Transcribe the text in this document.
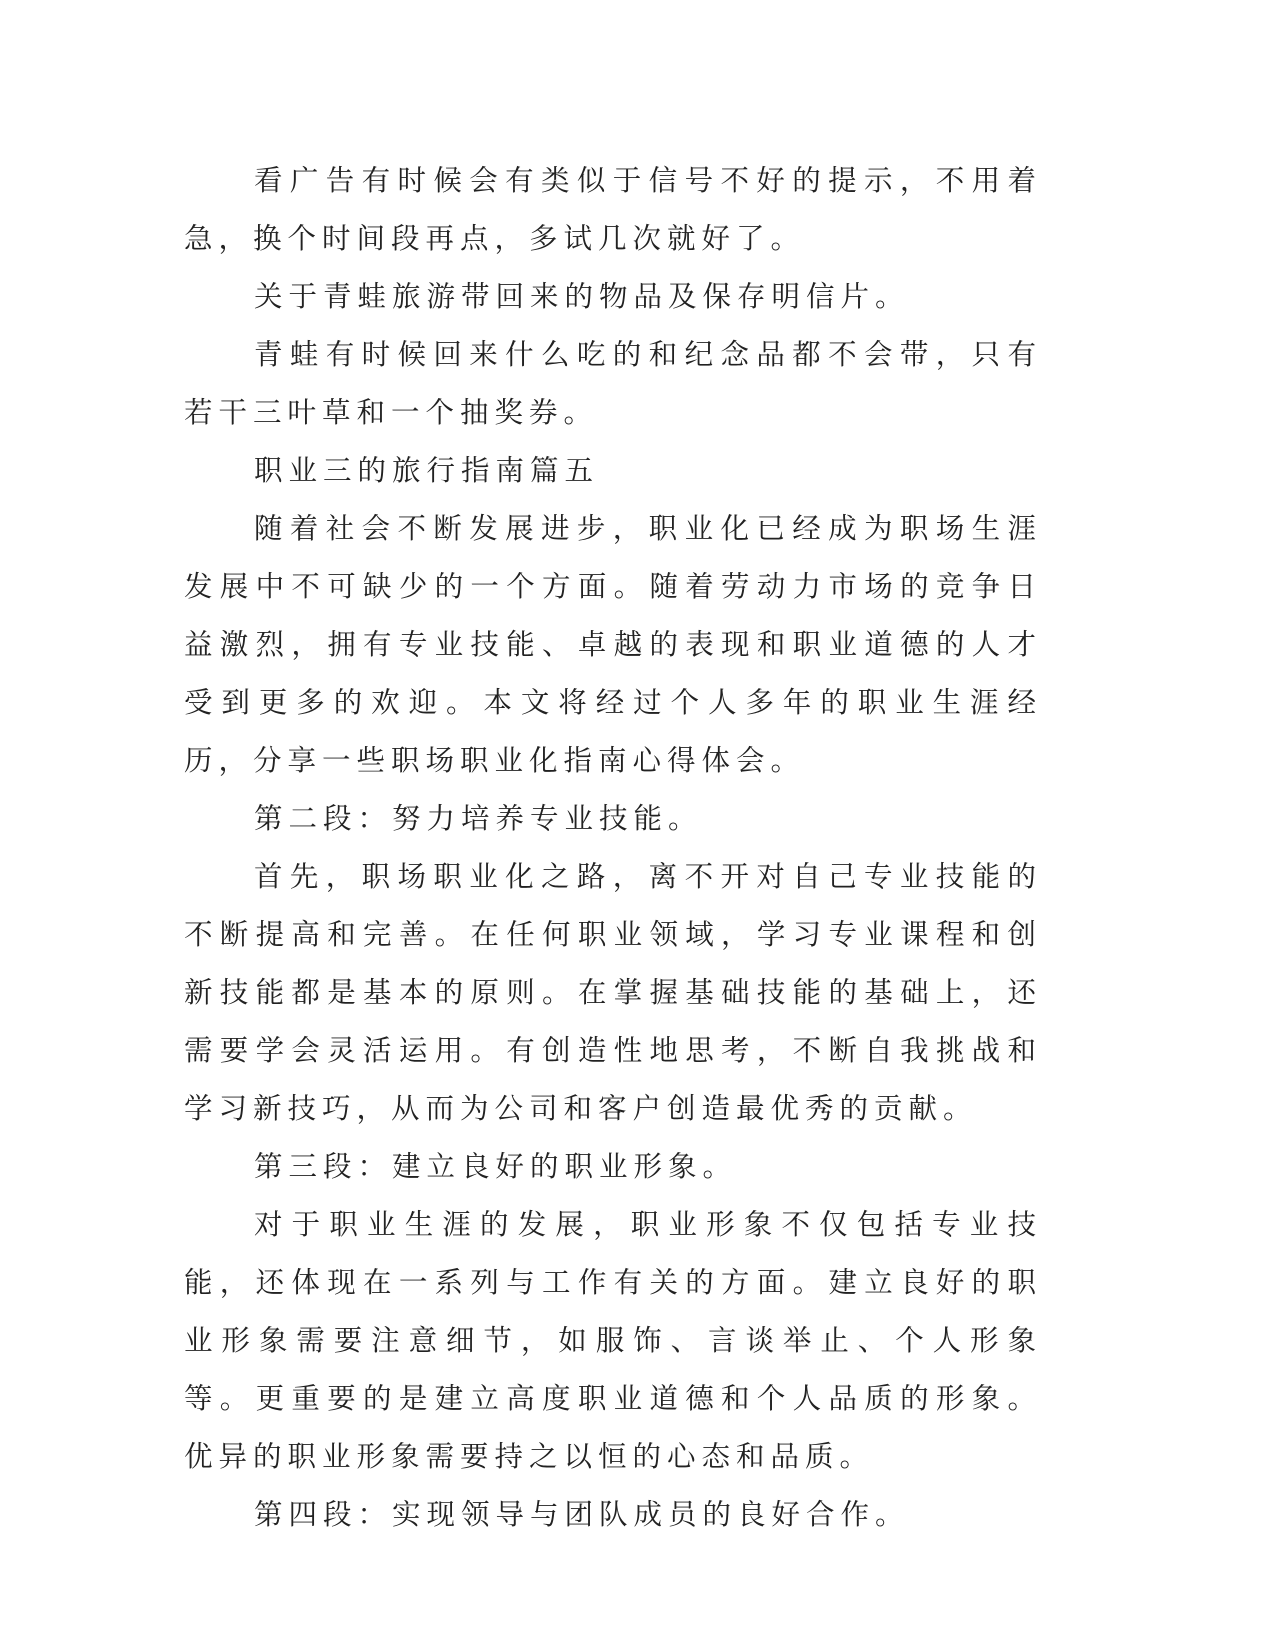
看广告有时候会有类似于信号不好的提示，不用着急，换个时间段再点，多试几次就好了。

关于青蛙旅游带回来的物品及保存明信片。

青蛙有时候回来什么吃的和纪念品都不会带，只有若干三叶草和一个抽奖券。

职业三的旅行指南篇五

随着社会不断发展进步，职业化已经成为职场生涯发展中不可缺少的一个方面。随着劳动力市场的竞争日益激烈，拥有专业技能、卓越的表现和职业道德的人才受到更多的欢迎。本文将经过个人多年的职业生涯经历，分享一些职场职业化指南心得体会。

第二段：努力培养专业技能。

首先，职场职业化之路，离不开对自己专业技能的不断提高和完善。在任何职业领域，学习专业课程和创新技能都是基本的原则。在掌握基础技能的基础上，还需要学会灵活运用。有创造性地思考，不断自我挑战和学习新技巧，从而为公司和客户创造最优秀的贡献。

第三段：建立良好的职业形象。

对于职业生涯的发展，职业形象不仅包括专业技能，还体现在一系列与工作有关的方面。建立良好的职业形象需要注意细节，如服饰、言谈举止、个人形象等。更重要的是建立高度职业道德和个人品质的形象。优异的职业形象需要持之以恒的心态和品质。

第四段：实现领导与团队成员的良好合作。
